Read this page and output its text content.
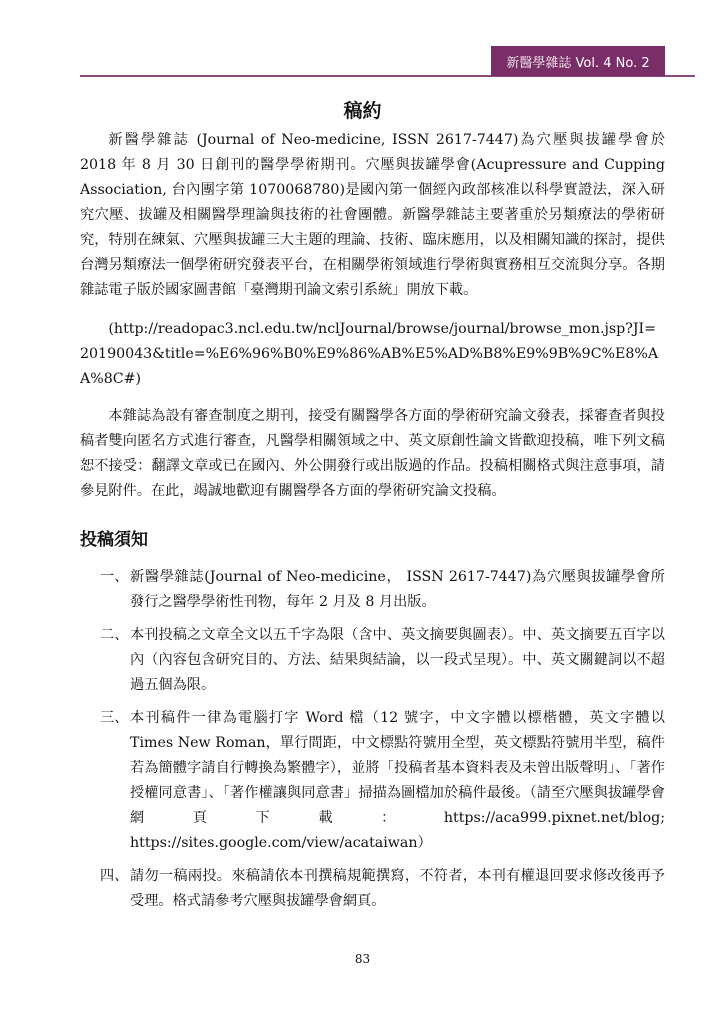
新醫學雜誌 Vol. 4 No. 2
稿約

新醫學雜誌 (Journal of Neo-medicine, ISSN 2617-7447)為穴壓與拔罐學會於 2018 年 8 月 30 日創刊的醫學學術期刊。穴壓與拔罐學會(Acupressure and Cupping Association, 台內團字第 1070068780)是國內第一個經內政部核准以科學實證法，深入研究穴壓、拔罐及相關醫學理論與技術的社會團體。新醫學雜誌主要著重於另類療法的學術研究，特別在練氣、穴壓與拔罐三大主題的理論、技術、臨床應用，以及相關知識的探討，提供台灣另類療法一個學術研究發表平台，在相關學術領域進行學術與實務相互交流與分享。各期雜誌電子版於國家圖書館「臺灣期刊論文索引系統」開放下載。

(http://readopac3.ncl.edu.tw/nclJournal/browse/journal/browse_mon.jsp?JI=20190043&title=%E6%96%B0%E9%86%AB%E5%AD%B8%E9%9B%9C%E8%AA%8C#)

本雜誌為設有審查制度之期刊，接受有關醫學各方面的學術研究論文發表，採審查者與投稿者雙向匿名方式進行審查，凡醫學相關領域之中、英文原創性論文皆歡迎投稿，唯下列文稿恕不接受：翻譯文章或已在國內、外公開發行或出版過的作品。投稿相關格式與注意事項，請參見附件。在此，竭誠地歡迎有關醫學各方面的學術研究論文投稿。

投稿須知
一、 新醫學雜誌(Journal of Neo-medicine， ISSN 2617-7447)為穴壓與拔罐學會所發行之醫學學術性刊物，每年 2 月及 8 月出版。
二、 本刊投稿之文章全文以五千字為限（含中、英文摘要與圖表）。中、英文摘要五百字以內（內容包含研究目的、方法、結果與結論，以一段式呈現）。中、英文關鍵詞以不超過五個為限。
三、 本刊稿件一律為電腦打字 Word 檔（12 號字，中文字體以標楷體，英文字體以 Times New Roman，單行間距，中文標點符號用全型，英文標點符號用半型，稿件若為簡體字請自行轉換為繁體字），並將「投稿者基本資料表及未曾出版聲明」、「著作授權同意書」、「著作權讓與同意書」掃描為圖檔加於稿件最後。（請至穴壓與拔罐學會網頁下載：https://aca999.pixnet.net/blog; https://sites.google.com/view/acataiwan）
四、 請勿一稿兩投。來稿請依本刊撰稿規範撰寫，不符者，本刊有權退回要求修改後再予受理。格式請參考穴壓與拔罐學會網頁。
83
